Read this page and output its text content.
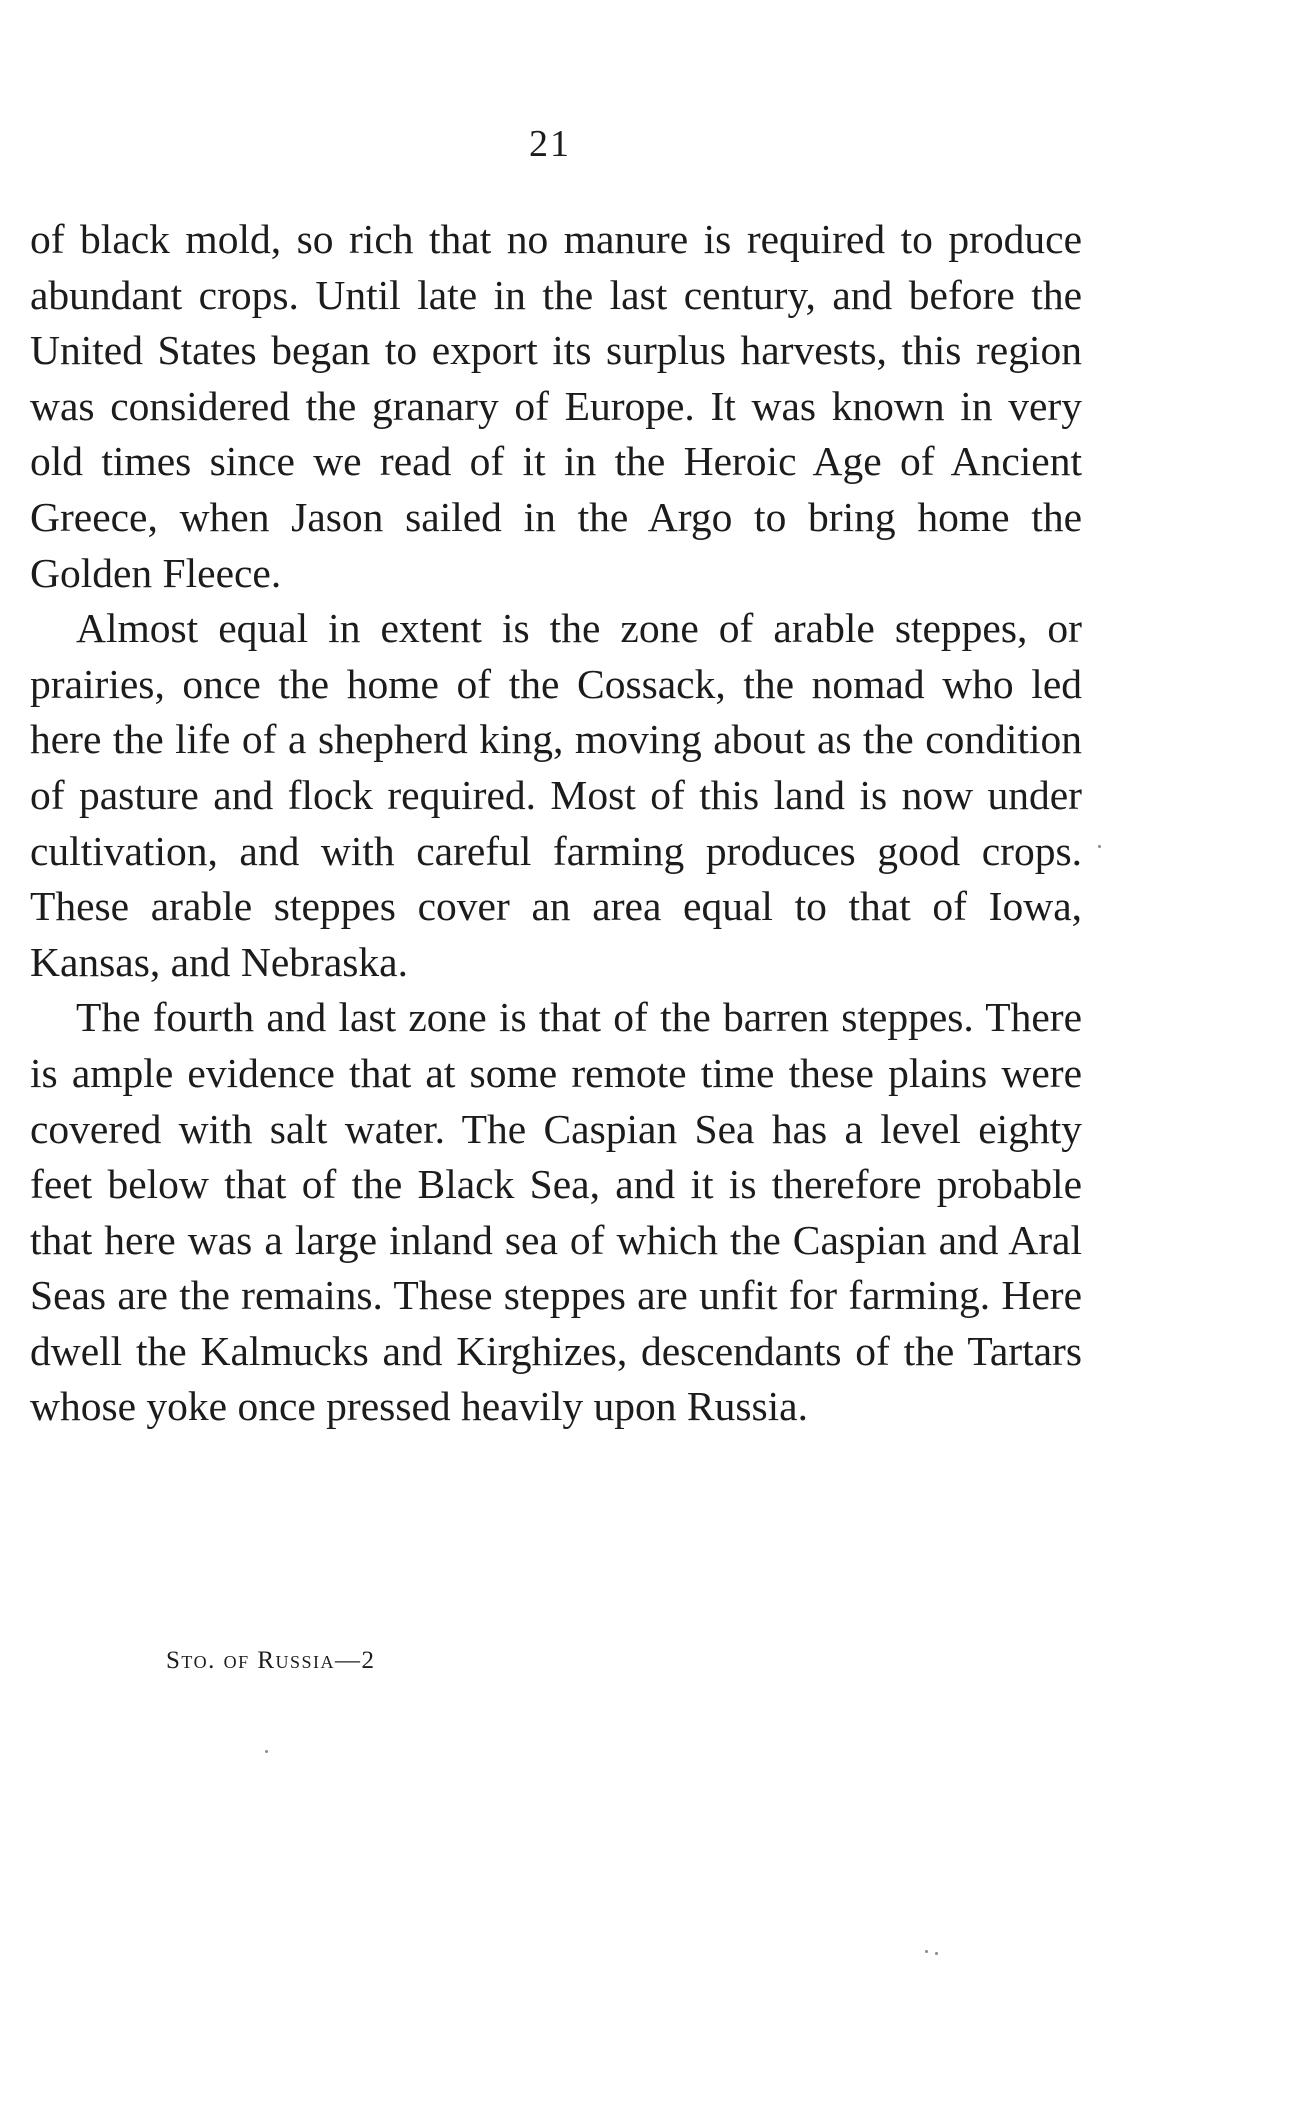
21

of black mold, so rich that no manure is required to produce abundant crops. Until late in the last century, and before the United States began to export its surplus harvests, this region was considered the granary of Europe. It was known in very old times since we read of it in the Heroic Age of Ancient Greece, when Jason sailed in the Argo to bring home the Golden Fleece.

Almost equal in extent is the zone of arable steppes, or prairies, once the home of the Cossack, the nomad who led here the life of a shepherd king, moving about as the condition of pasture and flock required. Most of this land is now under cultivation, and with careful farming produces good crops. These arable steppes cover an area equal to that of Iowa, Kansas, and Nebraska.

The fourth and last zone is that of the barren steppes. There is ample evidence that at some remote time these plains were covered with salt water. The Caspian Sea has a level eighty feet below that of the Black Sea, and it is therefore probable that here was a large inland sea of which the Caspian and Aral Seas are the remains. These steppes are unfit for farming. Here dwell the Kalmucks and Kirghizes, descendants of the Tartars whose yoke once pressed heavily upon Russia.

Sto. of Russia—2
